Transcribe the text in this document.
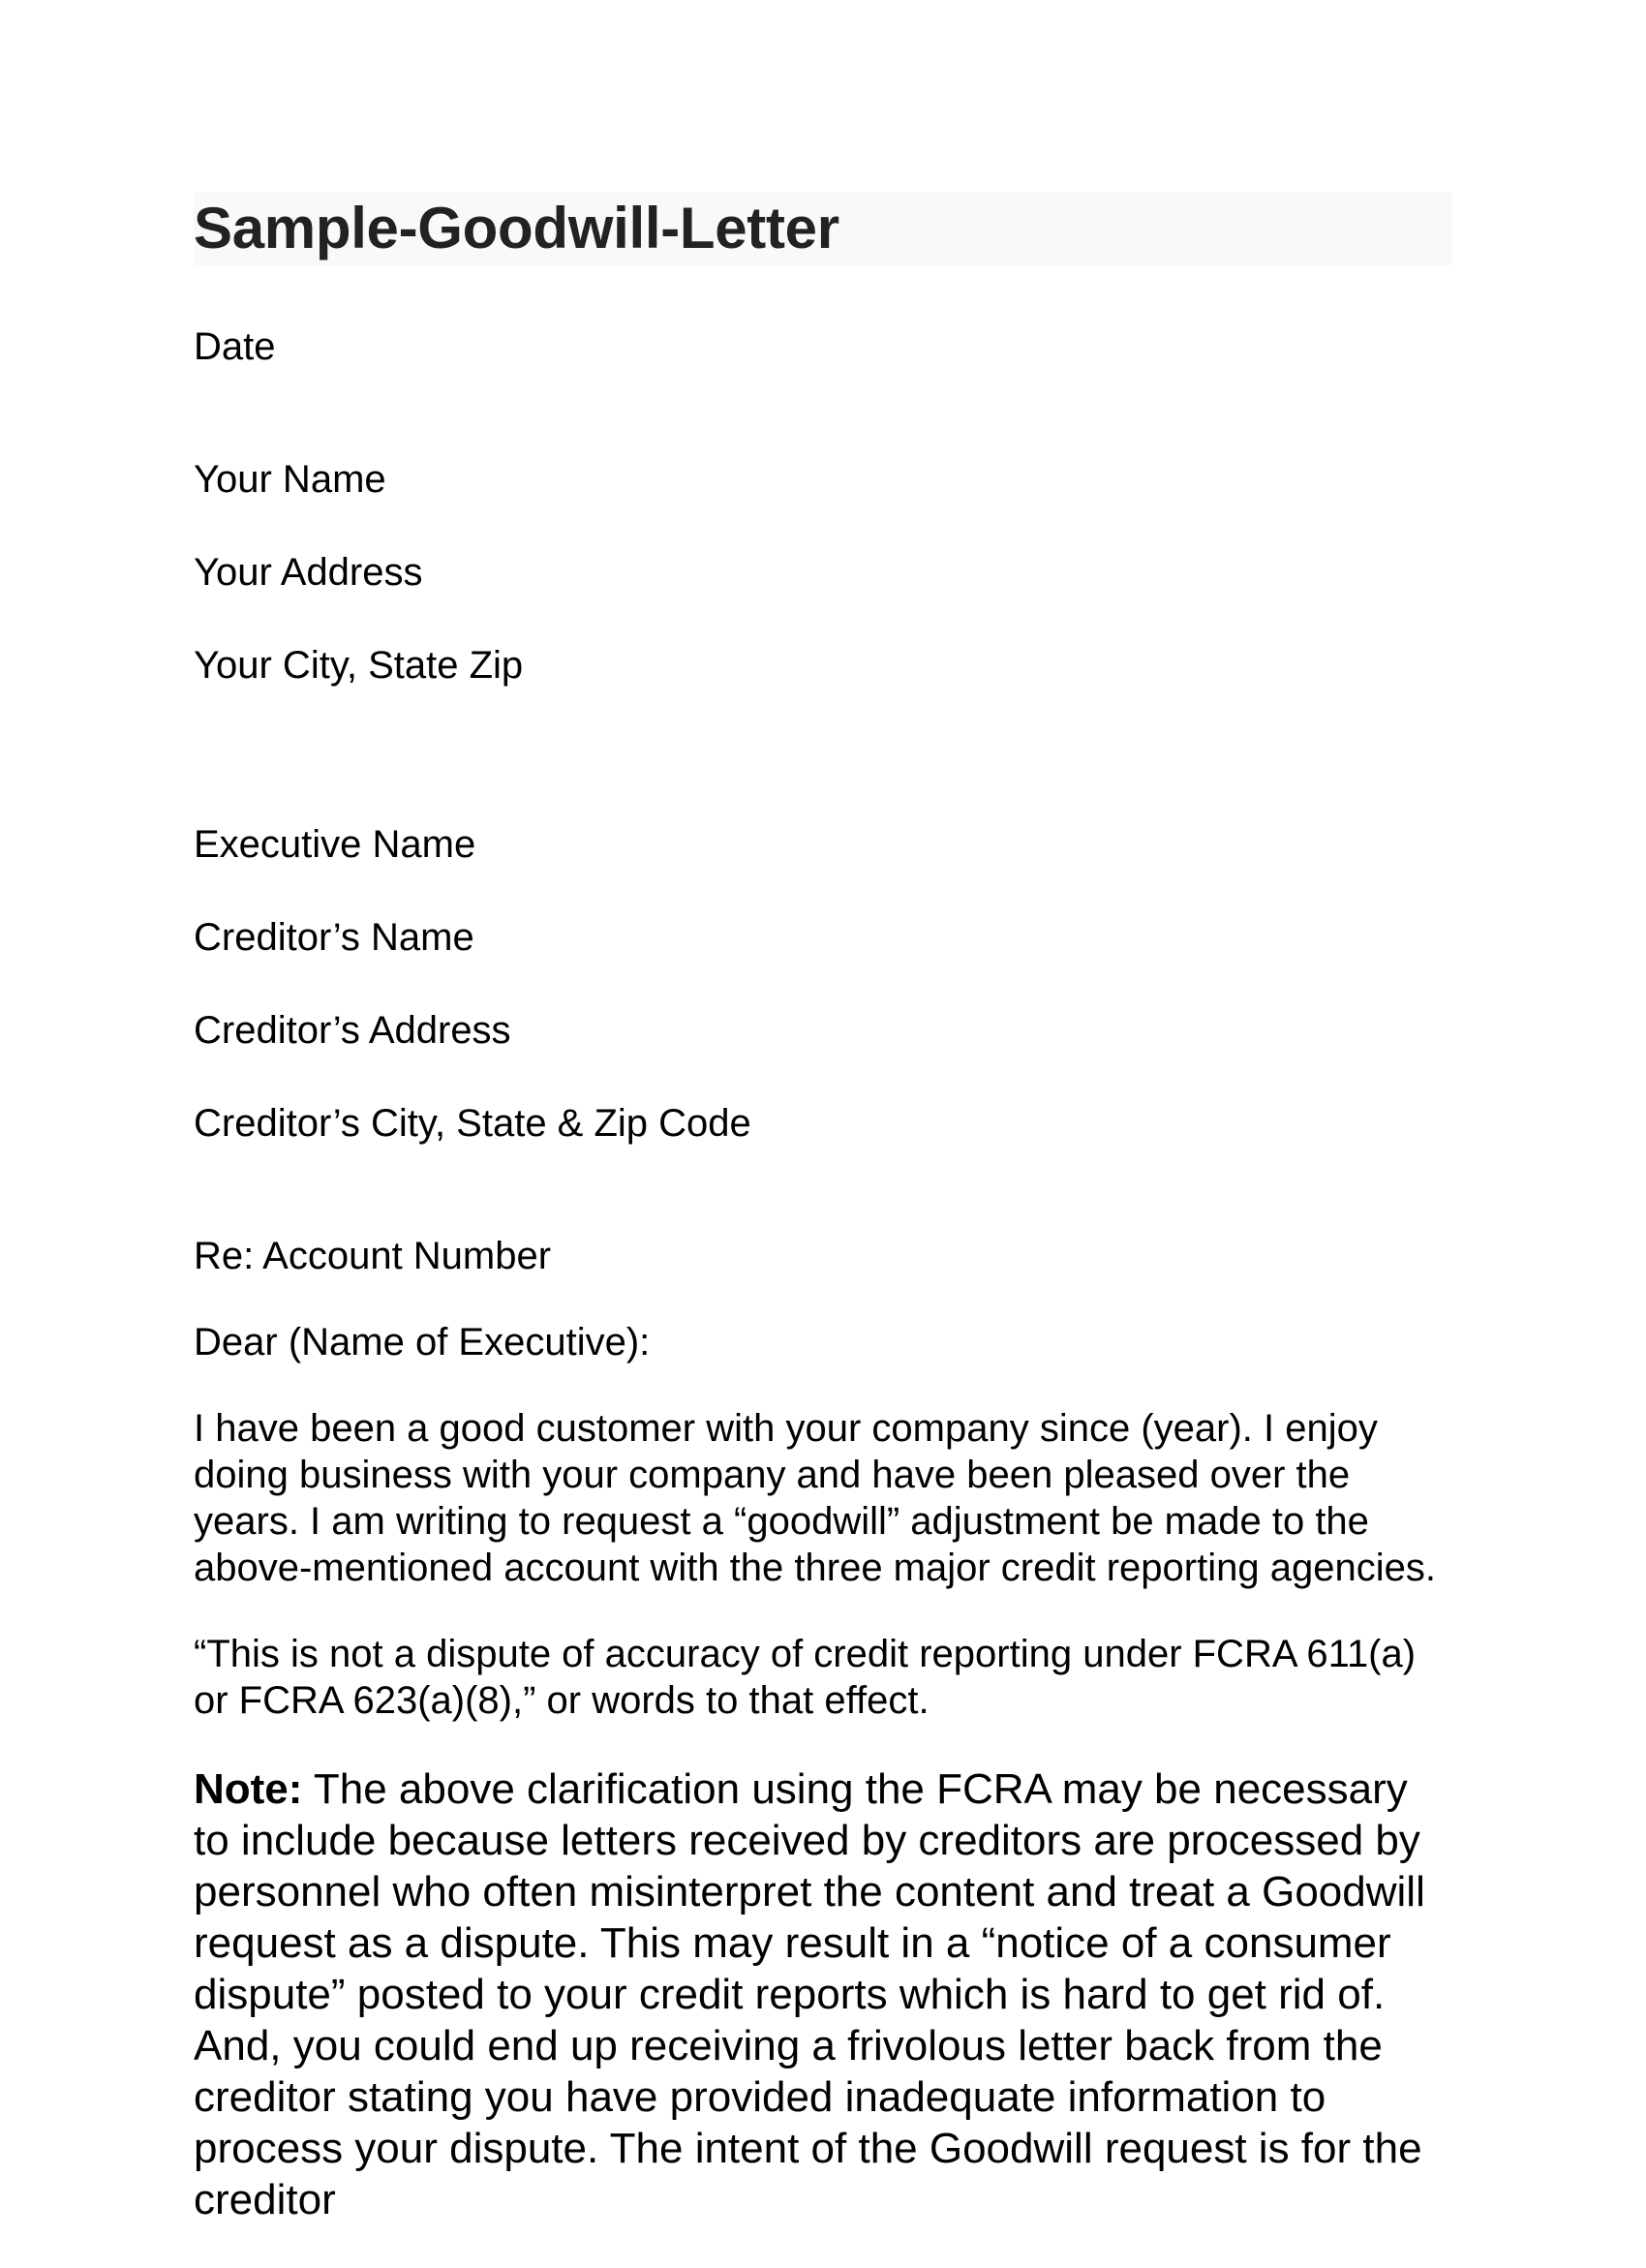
Sample-Goodwill-Letter

Date

Your Name

Your Address

Your City, State Zip

Executive Name

Creditor’s Name

Creditor’s Address

Creditor’s City, State & Zip Code

Re: Account Number

Dear (Name of Executive):

I have been a good customer with your company since (year). I enjoy doing business with your company and have been pleased over the years. I am writing to request a “goodwill” adjustment be made to the above-mentioned account with the three major credit reporting agencies.

“This is not a dispute of accuracy of credit reporting under FCRA 611(a) or FCRA 623(a)(8),” or words to that effect.

Note: The above clarification using the FCRA may be necessary to include because letters received by creditors are processed by personnel who often misinterpret the content and treat a Goodwill request as a dispute. This may result in a “notice of a consumer dispute” posted to your credit reports which is hard to get rid of. And, you could end up receiving a frivolous letter back from the creditor stating you have provided inadequate information to process your dispute. The intent of the Goodwill request is for the creditor
